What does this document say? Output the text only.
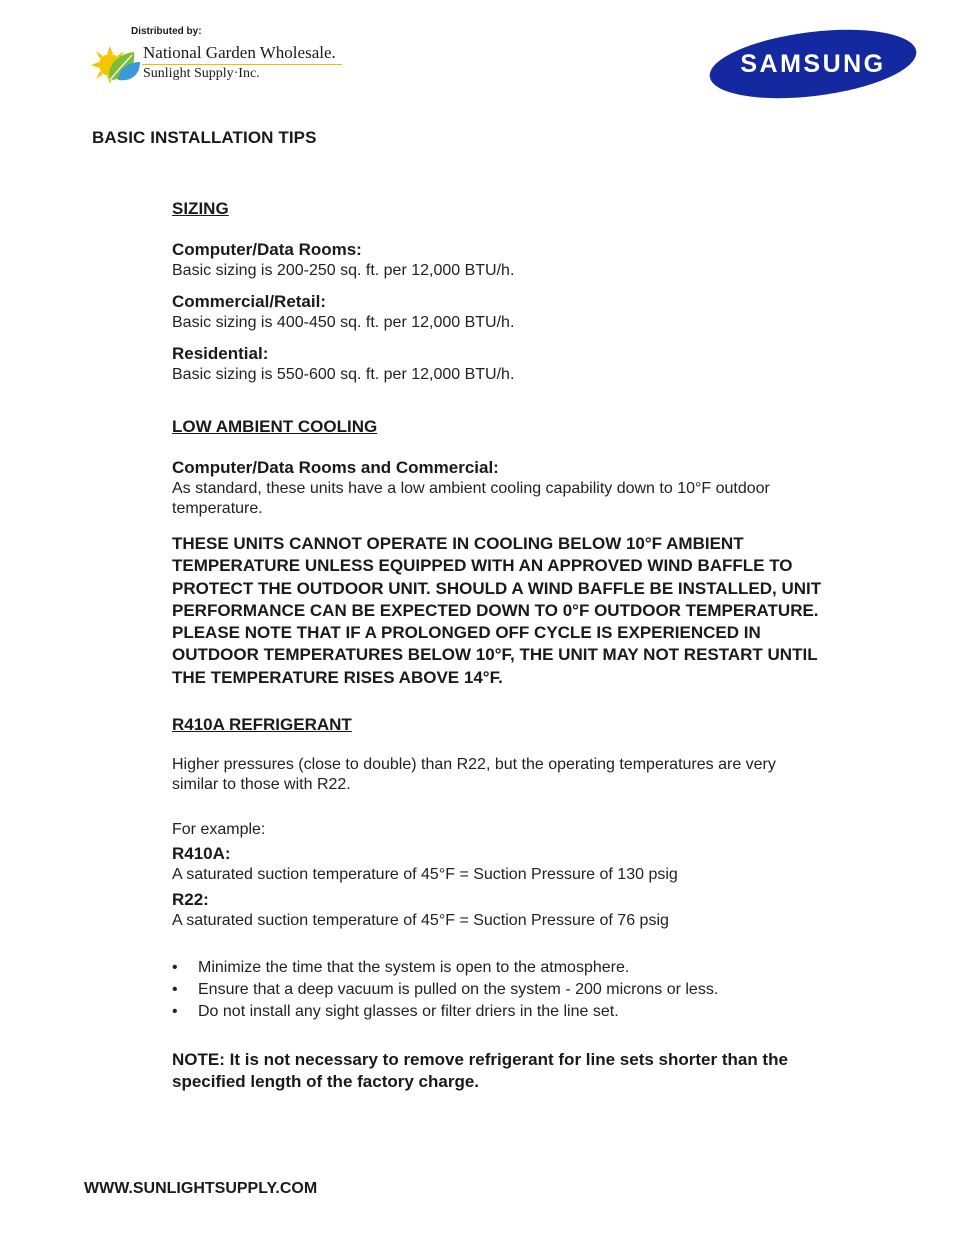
Distributed by:
National Garden Wholesale.
Sunlight Supply·Inc.	SAMSUNG
BASIC INSTALLATION TIPS

SIZING

Computer/Data Rooms:

Basic sizing is 200-250 sq. ft. per 12,000 BTU/h.

Commercial/Retail:

Basic sizing is 400-450 sq. ft. per 12,000 BTU/h.

Residential:

Basic sizing is 550-600 sq. ft. per 12,000 BTU/h.

LOW AMBIENT COOLING

Computer/Data Rooms and Commercial:

As standard, these units have a low ambient cooling capability down to 10°F outdoor temperature.

THESE UNITS CANNOT OPERATE IN COOLING BELOW 10°F AMBIENT TEMPERATURE UNLESS EQUIPPED WITH AN APPROVED WIND BAFFLE TO PROTECT THE OUTDOOR UNIT. SHOULD A WIND BAFFLE BE INSTALLED, UNIT PERFORMANCE CAN BE EXPECTED DOWN TO 0°F OUTDOOR TEMPERATURE. PLEASE NOTE THAT IF A PROLONGED OFF CYCLE IS EXPERIENCED IN OUTDOOR TEMPERATURES BELOW 10°F, THE UNIT MAY NOT RESTART UNTIL THE TEMPERATURE RISES ABOVE 14°F.

R410A REFRIGERANT

Higher pressures (close to double) than R22, but the operating temperatures are very similar to those with R22.

For example:

R410A:

A saturated suction temperature of 45°F = Suction Pressure of 130 psig

R22:

A saturated suction temperature of 45°F = Suction Pressure of 76 psig

• Minimize the time that the system is open to the atmosphere.
• Ensure that a deep vacuum is pulled on the system - 200 microns or less.
• Do not install any sight glasses or filter driers in the line set.

NOTE: It is not necessary to remove refrigerant for line sets shorter than the specified length of the factory charge.

WWW.SUNLIGHTSUPPLY.COM
